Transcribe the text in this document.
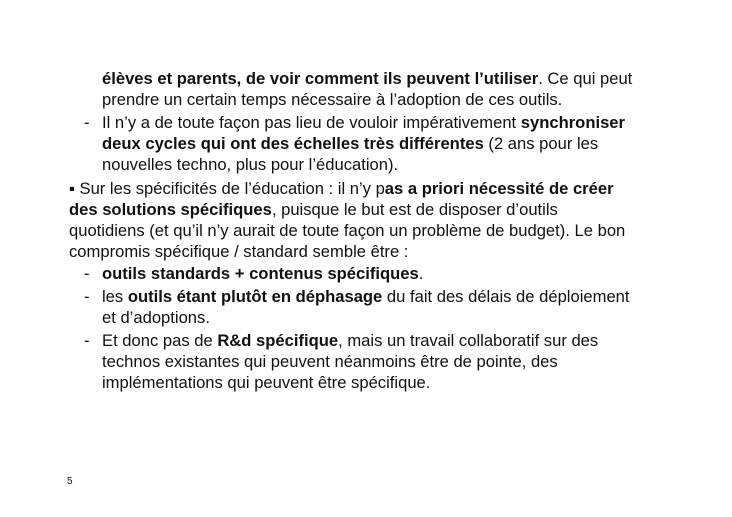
élèves et parents, de voir comment ils peuvent l’utiliser. Ce qui peut
prendre un certain temps nécessaire à l’adoption de ces outils.
- Il n’y a de toute façon pas lieu de vouloir impérativement synchroniser
deux cycles qui ont des échelles très différentes (2 ans pour les
nouvelles techno, plus pour l’éducation).
▪ Sur les spécificités de l’éducation : il n’y pas a priori nécessité de créer
des solutions spécifiques, puisque le but est de disposer d’outils
quotidiens (et qu’il n’y aurait de toute façon un problème de budget). Le bon
compromis spécifique / standard semble être :
- outils standards + contenus spécifiques.
- les outils étant plutôt en déphasage du fait des délais de déploiement
et d’adoptions.
- Et donc pas de R&d spécifique, mais un travail collaboratif sur des
technos existantes qui peuvent néanmoins être de pointe, des
implémentations qui peuvent être spécifique.
5
